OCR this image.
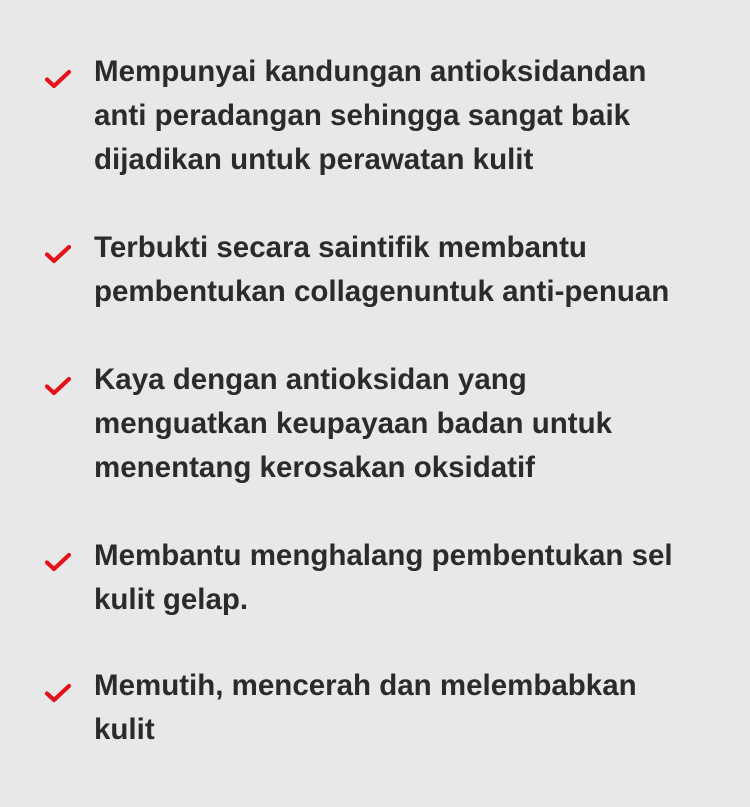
Mempunyai kandungan antioksidandan
anti peradangan sehingga sangat baik
dijadikan untuk perawatan kulit

Terbukti secara saintifik membantu
pembentukan collagenuntuk anti-penuan

Kaya dengan antioksidan yang
menguatkan keupayaan badan untuk
menentang kerosakan oksidatif

Membantu menghalang pembentukan sel
kulit gelap.

Memutih, mencerah dan melembabkan
kulit
